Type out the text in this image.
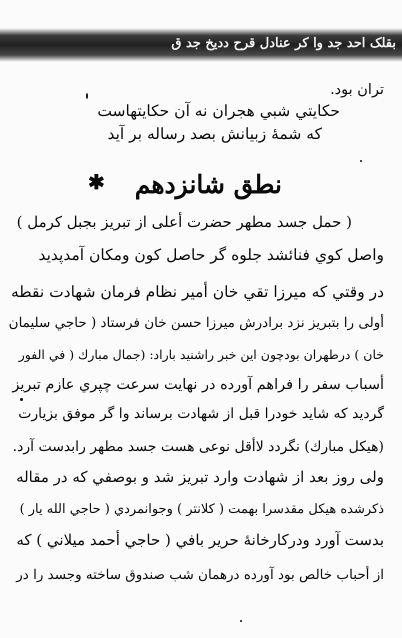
بقلک احد جد وا کر عنادل قرح ددیخ جد ق
تران بود.
حكايتي شبي هجران نه آن حكايتهاست
كه شمهٔ زبيانش بصد رساله بر آيد
نطق شانزدهم
✱
( حمل جسد مطهر حضرت أعلى از تبريز بجبل كرمل )
واصل كوي فنائشد جلوه گر حاصل كون ومكان آمدپديد
در وقتي كه ميرزا تقي خان أمير نظام فرمان شهادت نقطه
أولى را بتبريز نزد برادرش ميرزا حسن خان فرستاد ( حاجي سليمان
خان ) درطهران بودچون اين خبر راشنيد باراد: (جمال مبارك ( في الفور
أسباب سفر را فراهم آورده در نهايت سرعت چپري عازم تبريز
گرديد كه شايد خودرا قبل از شهادت برساند وا گر موفق بزيارت
(هيكل مبارك) نگردد لاأقل نوعى هست جسد مطهر رابدست آرد.
ولى روز بعد از شهادت وارد تبريز شد و بوصفي كه در مقاله
ذكرشده هيكل مقدسرا بهمت ( كلانتر ) وجوانمردي ( حاجي الله يار )
بدست آورد ودركارخانهٔ حرير بافي ( حاجي أحمد ميلاني ) كه
از أحباب خالص بود آورده درهمان شب صندوق ساخته وجسد را در
